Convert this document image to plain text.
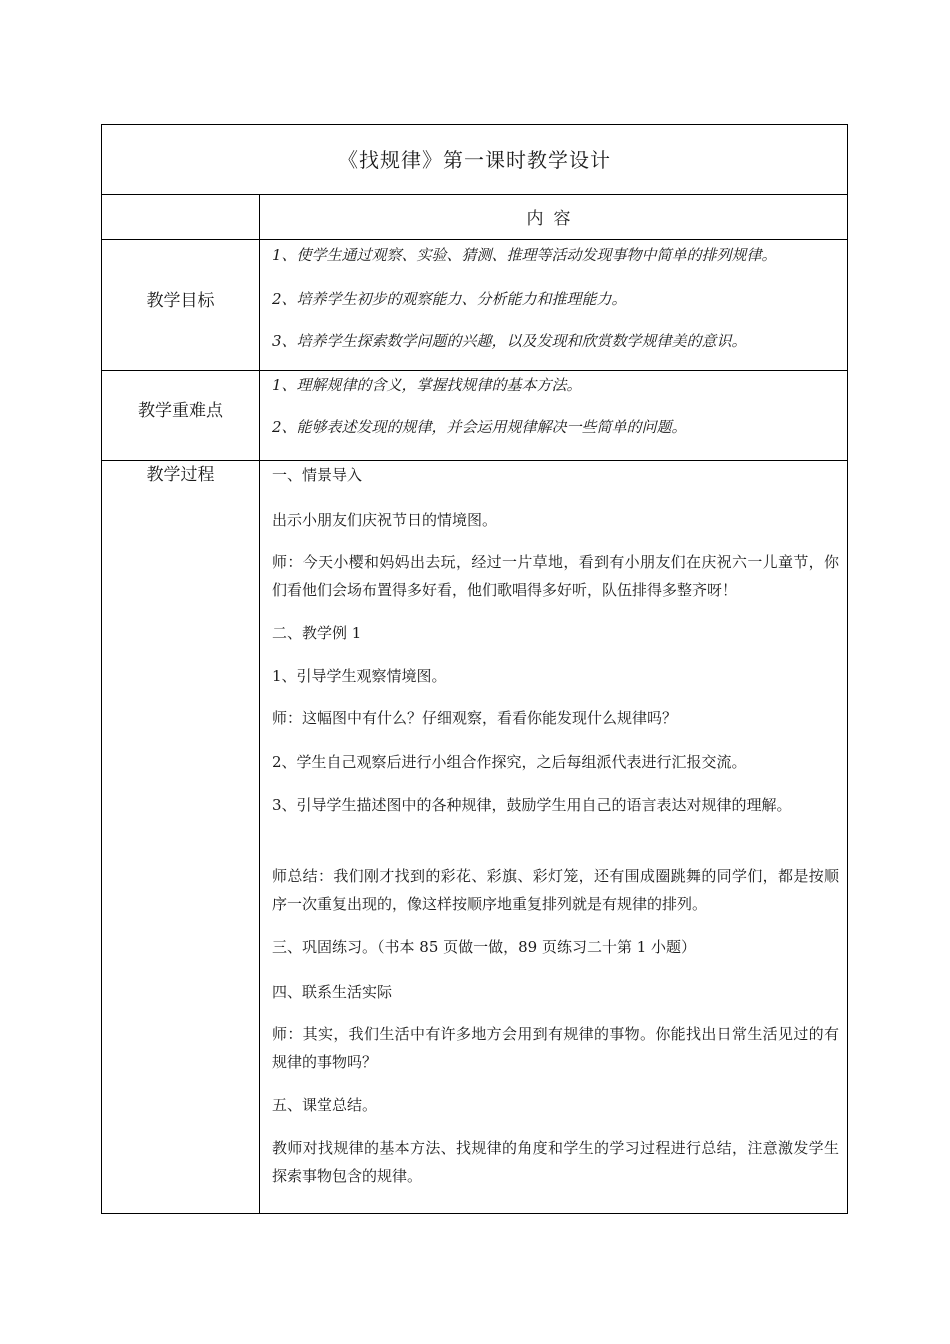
《找规律》第一课时教学设计
内容
教学目标
1、使学生通过观察、实验、猜测、推理等活动发现事物中简单的排列规律。
2、培养学生初步的观察能力、分析能力和推理能力。
3、培养学生探索数学问题的兴趣，以及发现和欣赏数学规律美的意识。
教学重难点
1、理解规律的含义，掌握找规律的基本方法。
2、能够表述发现的规律，并会运用规律解决一些简单的问题。
教学过程	一、情景导入
出示小朋友们庆祝节日的情境图。
师：今天小樱和妈妈出去玩，经过一片草地，看到有小朋友们在庆祝六一儿童节，你们看他们会场布置得多好看，他们歌唱得多好听，队伍排得多整齐呀！
二、教学例 1
1、引导学生观察情境图。
师：这幅图中有什么？仔细观察，看看你能发现什么规律吗？
2、学生自己观察后进行小组合作探究，之后每组派代表进行汇报交流。
3、引导学生描述图中的各种规律，鼓励学生用自己的语言表达对规律的理解。
师总结：我们刚才找到的彩花、彩旗、彩灯笼，还有围成圈跳舞的同学们，都是按顺序一次重复出现的，像这样按顺序地重复排列就是有规律的排列。
三、巩固练习。（书本 85 页做一做，89 页练习二十第 1 小题）
四、联系生活实际
师：其实，我们生活中有许多地方会用到有规律的事物。你能找出日常生活见过的有规律的事物吗？
五、课堂总结。
教师对找规律的基本方法、找规律的角度和学生的学习过程进行总结，注意激发学生探索事物包含的规律。
